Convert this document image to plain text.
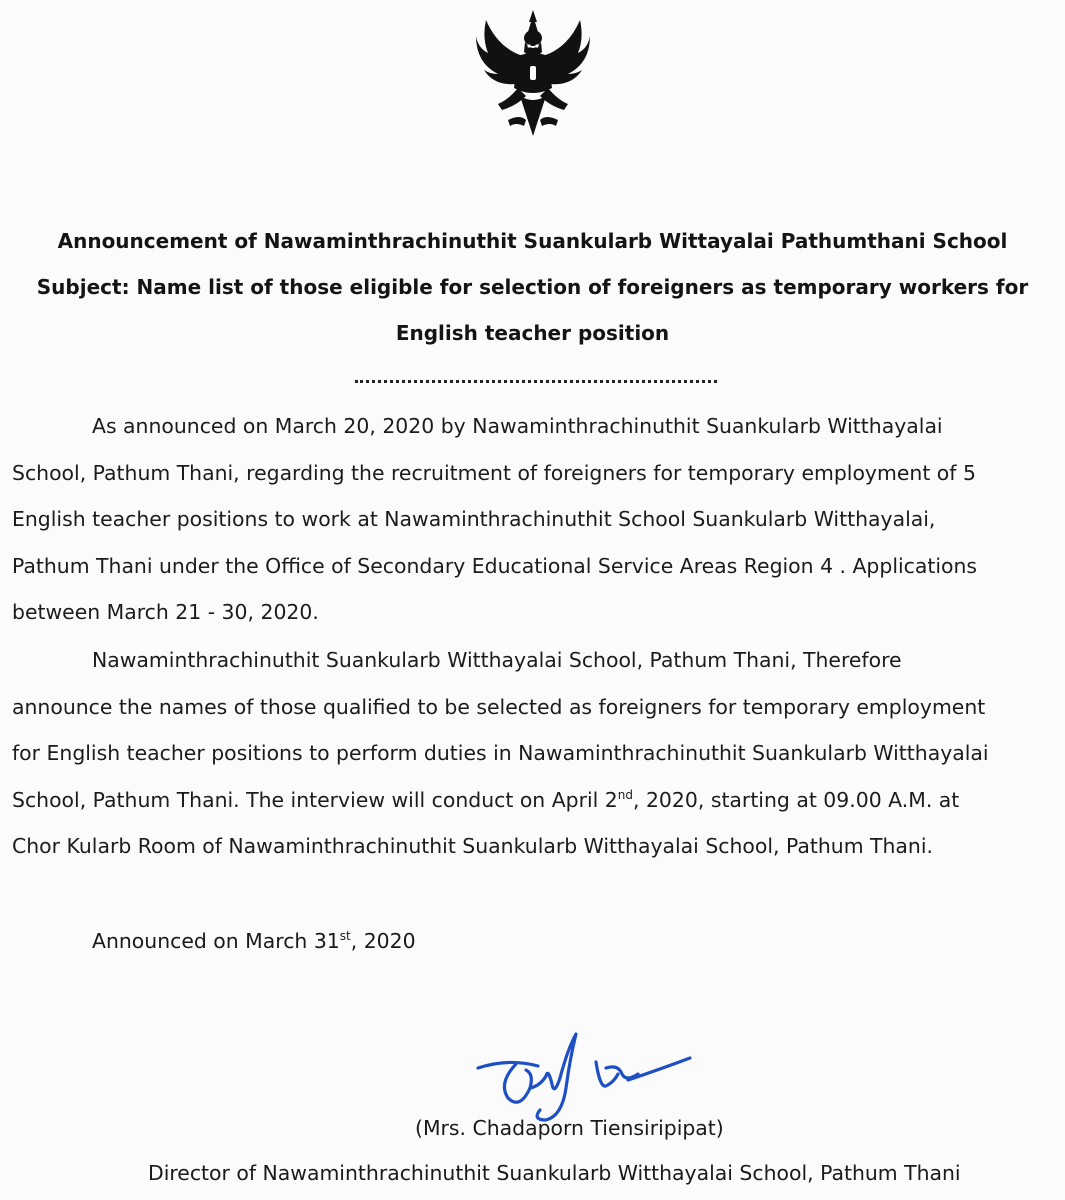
Announcement of Nawaminthrachinuthit Suankularb Wittayalai Pathumthani School
Subject: Name list of those eligible for selection of foreigners as temporary workers for
English teacher position
As announced on March 20, 2020 by Nawaminthrachinuthit Suankularb Witthayalai
School, Pathum Thani, regarding the recruitment of foreigners for temporary employment of 5
English teacher positions to work at Nawaminthrachinuthit School Suankularb Witthayalai,
Pathum Thani under the Office of Secondary Educational Service Areas Region 4 . Applications
between March 21 - 30, 2020.
Nawaminthrachinuthit Suankularb Witthayalai School, Pathum Thani, Therefore
announce the names of those qualified to be selected as foreigners for temporary employment
for English teacher positions to perform duties in Nawaminthrachinuthit Suankularb Witthayalai
School, Pathum Thani. The interview will conduct on April 2nd, 2020, starting at 09.00 A.M. at
Chor Kularb Room of Nawaminthrachinuthit Suankularb Witthayalai School, Pathum Thani.
Announced on March 31st, 2020
(Mrs. Chadaporn Tiensiripipat)
Director of Nawaminthrachinuthit Suankularb Witthayalai School, Pathum Thani
